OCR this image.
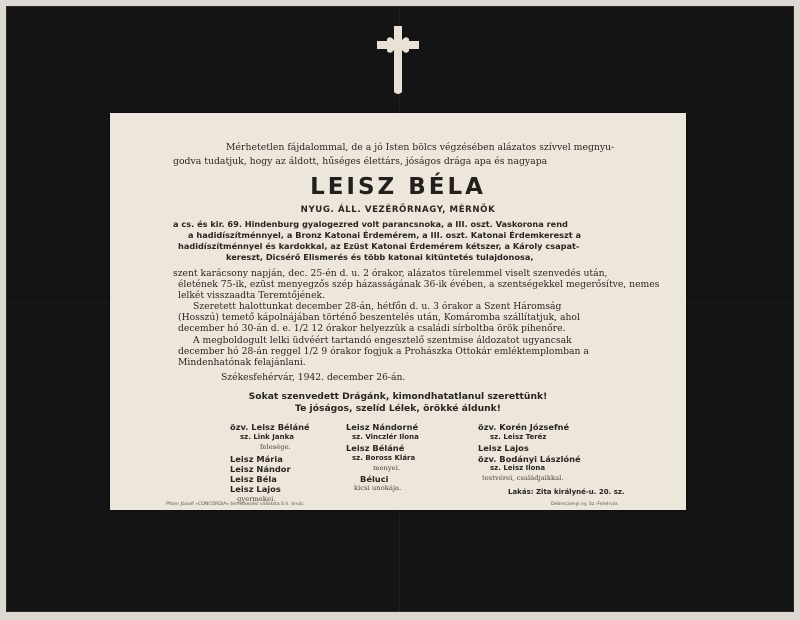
Mérhetetlen fájdalommal, de a jó Isten bölcs végzésében alázatos szívvel megnyu-
godva tudatjuk, hogy az áldott, hűséges élettárs, jóságos drága apa és nagyapa
LEISZ BÉLA
NYUG. ÁLL. VEZÉRŐRNAGY, MÉRNÖK
a cs. és kir. 69. Hindenburg gyalogezred volt parancsnoka, a III. oszt. Vaskorona rend
a hadidíszítménnyel, a Bronz Katonai Érdemérem, a III. oszt. Katonai Érdemkereszt a
hadidíszítménnyel és kardokkal, az Ezüst Katonai Érdemérem kétszer, a Károly csapat-
kereszt, Dicsérő Elismerés és több katonai kitüntetés tulajdonosa,
szent karácsony napján, dec. 25-én d. u. 2 órakor, alázatos türelemmel viselt szenvedés után,
életének 75-ik, ezüst menyegzős szép házasságának 36-ik évében, a szentségekkel megerősítve, nemes
lelkét visszaadta Teremtőjének.
Szeretett halottunkat december 28-án, hétfőn d. u. 3 órakor a Szent Háromság
(Hosszú) temető kápolnájában történő beszentelés után, Komáromba szállítatjuk, ahol
december hó 30-án d. e. 1/2 12 órakor helyezzük a családi sírboltba örök pihenőre.
A megboldogult lelki üdvéért tartandó engesztelő szentmise áldozatot ugyancsak
december hó 28-án reggel 1/2 9 órakor fogjuk a Prohászka Ottokár emléktemplomban a
Mindenhatónak felajánlani.
Székesfehérvár, 1942. december 26-án.
Sokat szenvedett Drágánk, kimondhatatlanul szerettünk!
Te jóságos, szelíd Lélek, örökké áldunk!
özv. Leisz Béláné
sz. Link Janka
felesége.
Leisz Mária
Leisz Nándor
Leisz Béla
Leisz Lajos
gyermekei.
Leisz Nándorné
sz. Vinczlér Ilona
Leisz Béláné
sz. Boross Klára
menyei.
Béluci
kicsi unokája.
özv. Korén Józsefné
sz. Leisz Teréz
Leisz Lajos
özv. Bodányi Lászlóné
sz. Leisz Ilona
testvérei, családjaikkal.
Lakás: Zita királyné-u. 20. sz.
Pfann József »CONCORDIA« temetkezési vállalata S h. érvár.	Debreczenyi ny. Sz.-Fehérvár.
